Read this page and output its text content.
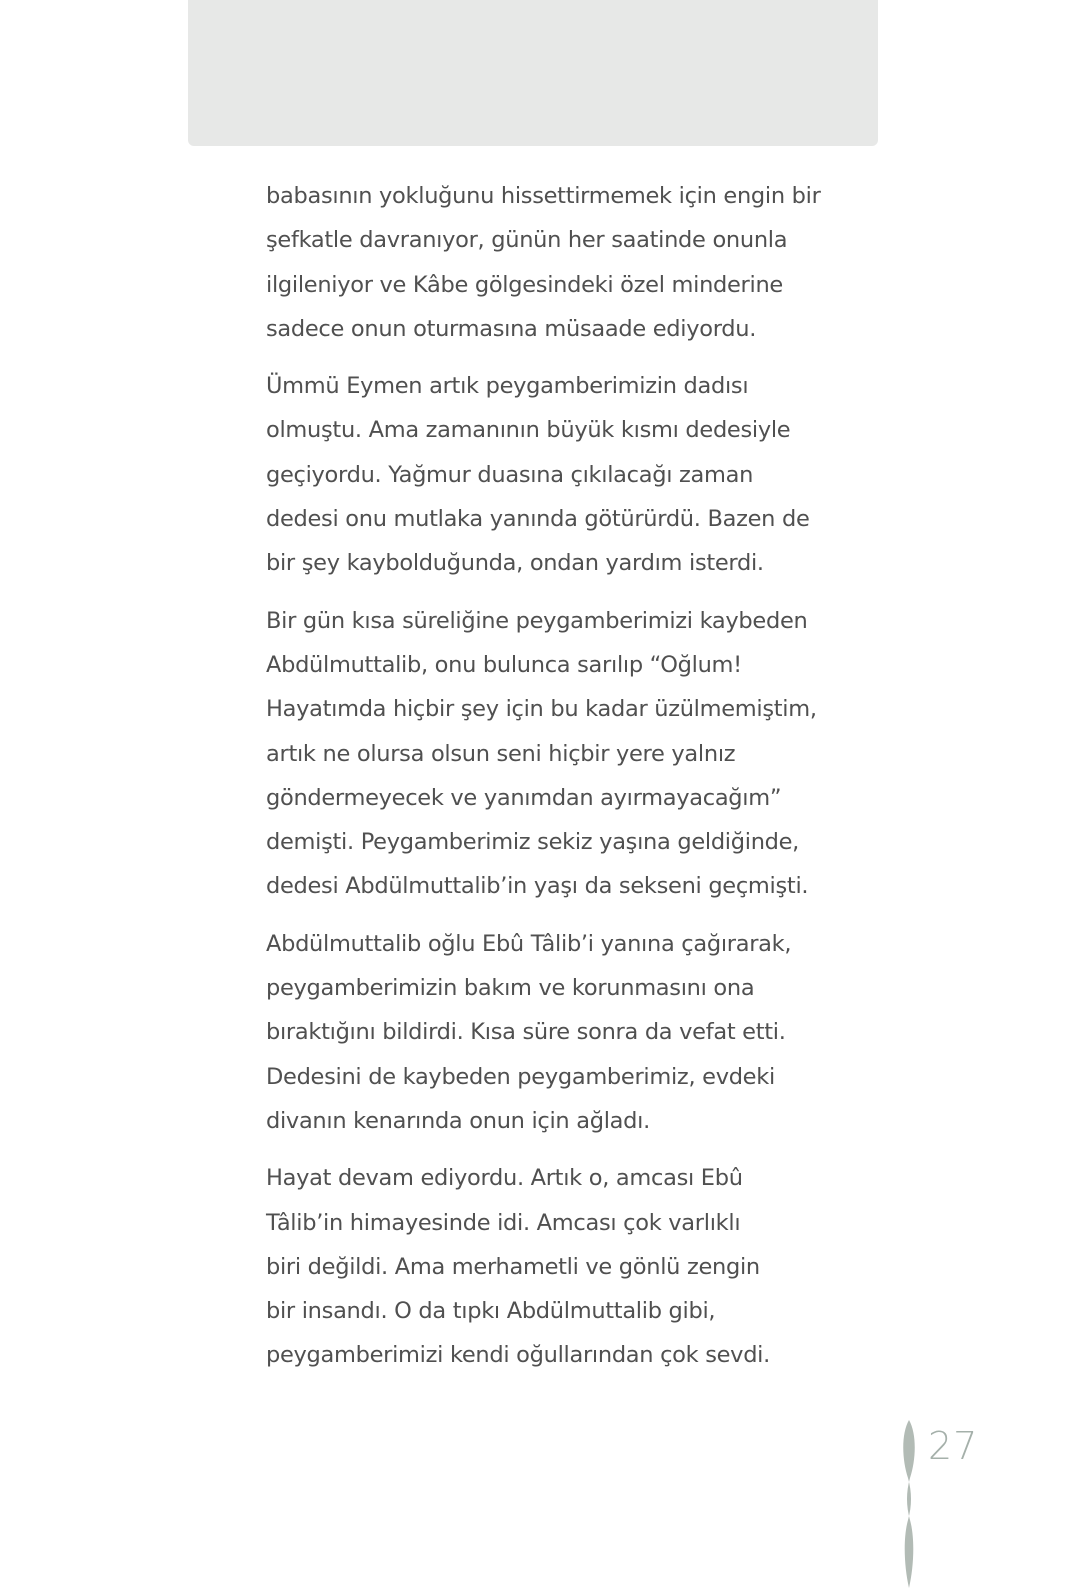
babasının yokluğunu hissettirmemek için engin bir
şefkatle davranıyor, günün her saatinde onunla
ilgileniyor ve Kâbe gölgesindeki özel minderine
sadece onun oturmasına müsaade ediyordu.

Ümmü Eymen artık peygamberimizin dadısı
olmuştu. Ama zamanının büyük kısmı dedesiyle
geçiyordu. Yağmur duasına çıkılacağı zaman
dedesi onu mutlaka yanında götürürdü. Bazen de
bir şey kaybolduğunda, ondan yardım isterdi.

Bir gün kısa süreliğine peygamberimizi kaybeden
Abdülmuttalib, onu bulunca sarılıp “Oğlum!
Hayatımda hiçbir şey için bu kadar üzülmemiştim,
artık ne olursa olsun seni hiçbir yere yalnız
göndermeyecek ve yanımdan ayırmayacağım”
demişti. Peygamberimiz sekiz yaşına geldiğinde,
dedesi Abdülmuttalib’in yaşı da sekseni geçmişti.

Abdülmuttalib oğlu Ebû Tâlib’i yanına çağırarak,
peygamberimizin bakım ve korunmasını ona
bıraktığını bildirdi. Kısa süre sonra da vefat etti.
Dedesini de kaybeden peygamberimiz, evdeki
divanın kenarında onun için ağladı.

Hayat devam ediyordu. Artık o, amcası Ebû
Tâlib’in himayesinde idi. Amcası çok varlıklı
biri değildi. Ama merhametli ve gönlü zengin
bir insandı. O da tıpkı Abdülmuttalib gibi,
peygamberimizi kendi oğullarından çok sevdi.

27
